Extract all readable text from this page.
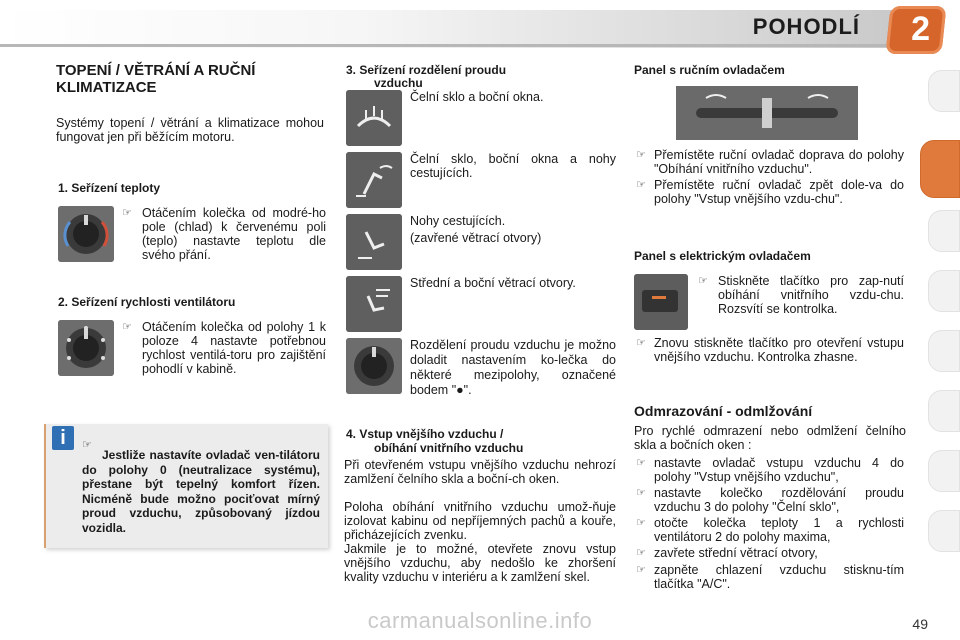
POHODLÍ 2
TOPENÍ / VĚTRÁNÍ A RUČNÍ KLIMATIZACE

Systémy topení / větrání a klimatizace mohou fungovat jen při běžícím motoru.

1. Seřízení teploty

☞ Otáčením kolečka od modré-ho pole (chlad) k červenému poli (teplo) nastavte teplotu dle svého přání.

2. Seřízení rychlosti ventilátoru

☞ Otáčením kolečka od polohy 1 k poloze 4 nastavte potřebnou rychlost ventilá-toru pro zajištění pohodlí v kabině.

i	☞

Jestliže nastavíte ovladač ven-tilátoru do polohy 0 (neutralizace systému), přestane být tepelný komfort řízen. Nicméně bude možno pociťovat mírný proud vzduchu, způsobovaný jízdou vozidla.

3. Seřízení rozdělení proudu

vzduchu

Čelní sklo a boční okna.

Čelní sklo, boční okna a nohy cestujících.

Nohy cestujících.

(zavřené větrací otvory)

Střední a boční větrací otvory.

Rozdělení proudu vzduchu je možno doladit nastavením ko-lečka do některé mezipolohy, označené bodem "●".

4. Vstup vnějšího vzduchu /

obíhání vnitřního vzduchu

Při otevřeném vstupu vnějšího vzduchu nehrozí zamlžení čelního skla a boční-ch oken.

Poloha obíhání vnitřního vzduchu umož-ňuje izolovat kabinu od nepříjemných pachů a kouře, přicházejících zvenku.

Jakmile je to možné, otevřete znovu vstup vnějšího vzduchu, aby nedošlo ke zhoršení kvality vzduchu v interiéru a k zamlžení skel.

Panel s ručním ovladačem

☞ Přemístěte ruční ovladač doprava do polohy "Obíhání vnitřního vzduchu".

☞ Přemístěte ruční ovladač zpět dole-va do polohy "Vstup vnějšího vzdu-chu".

Panel s elektrickým ovladačem

☞ Stiskněte tlačítko pro zap-nutí obíhání vnitřního vzdu-chu. Rozsvítí se kontrolka.

☞ Znovu stiskněte tlačítko pro otevření vstupu vnějšího vzduchu. Kontrolka zhasne.

Odmrazování - odmlžování

Pro rychlé odmrazení nebo odmlžení čelního skla a bočních oken :

☞ nastavte ovladač vstupu vzduchu 4 do polohy "Vstup vnějšího vzduchu",

☞ nastavte kolečko rozdělování proudu vzduchu 3 do polohy "Čelní sklo",

☞ otočte kolečka teploty 1 a rychlosti ventilátoru 2 do polohy maxima,

☞ zavřete střední větrací otvory,

☞ zapněte chlazení vzduchu stisknu-tím tlačítka "A/C".

49
carmanualsonline.info
